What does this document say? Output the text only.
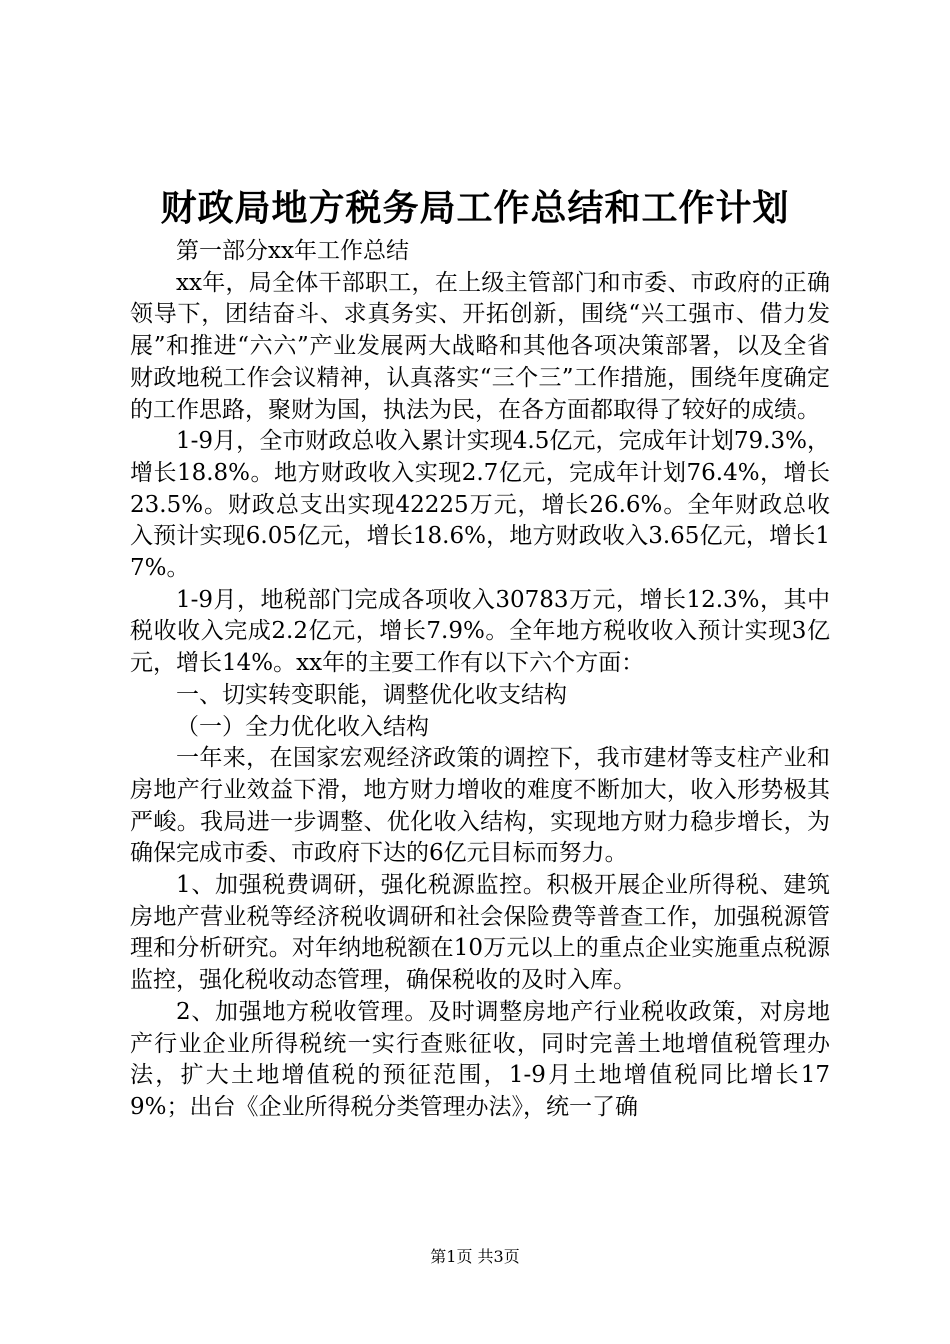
财政局地方税务局工作总结和工作计划

第一部分xx年工作总结

xx年，局全体干部职工，在上级主管部门和市委、市政府的正确领导下，团结奋斗、求真务实、开拓创新，围绕“兴工强市、借力发展”和推进“六六”产业发展两大战略和其他各项决策部署，以及全省财政地税工作会议精神，认真落实“三个三”工作措施，围绕年度确定的工作思路，聚财为国，执法为民，在各方面都取得了较好的成绩。

1-9月，全市财政总收入累计实现4.5亿元，完成年计划79.3%，增长18.8%。地方财政收入实现2.7亿元，完成年计划76.4%，增长23.5%。财政总支出实现42225万元，增长26.6%。全年财政总收入预计实现6.05亿元，增长18.6%，地方财政收入3.65亿元，增长17%。

1-9月，地税部门完成各项收入30783万元，增长12.3%，其中税收收入完成2.2亿元，增长7.9%。全年地方税收收入预计实现3亿元，增长14%。xx年的主要工作有以下六个方面：

一、切实转变职能，调整优化收支结构

（一）全力优化收入结构

一年来，在国家宏观经济政策的调控下，我市建材等支柱产业和房地产行业效益下滑，地方财力增收的难度不断加大，收入形势极其严峻。我局进一步调整、优化收入结构，实现地方财力稳步增长，为确保完成市委、市政府下达的6亿元目标而努力。

1、加强税费调研，强化税源监控。积极开展企业所得税、建筑房地产营业税等经济税收调研和社会保险费等普查工作，加强税源管理和分析研究。对年纳地税额在10万元以上的重点企业实施重点税源监控，强化税收动态管理，确保税收的及时入库。

2、加强地方税收管理。及时调整房地产行业税收政策，对房地产行业企业所得税统一实行查账征收，同时完善土地增值税管理办法，扩大土地增值税的预征范围，1-9月土地增值税同比增长179%；出台《企业所得税分类管理办法》，统一了确

第1页 共3页
